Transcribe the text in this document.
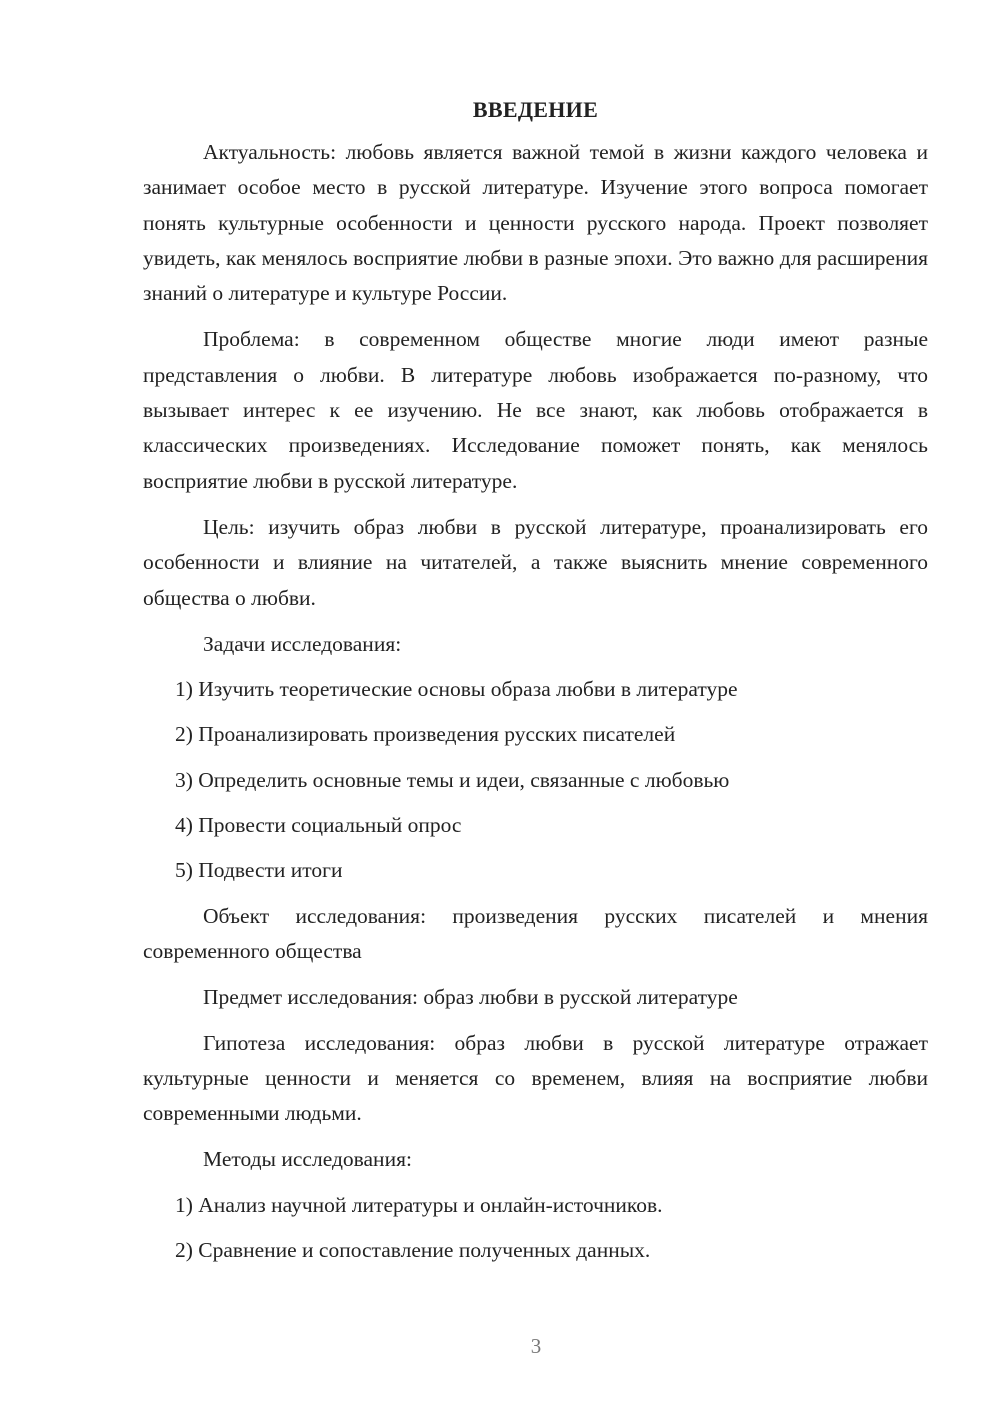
ВВЕДЕНИЕ

Актуальность: любовь является важной темой в жизни каждого человека и занимает особое место в русской литературе. Изучение этого вопроса помогает понять культурные особенности и ценности русского народа. Проект позволяет увидеть, как менялось восприятие любви в разные эпохи. Это важно для расширения знаний о литературе и культуре России.

Проблема: в современном обществе многие люди имеют разные представления о любви. В литературе любовь изображается по-разному, что вызывает интерес к ее изучению. Не все знают, как любовь отображается в классических произведениях. Исследование поможет понять, как менялось восприятие любви в русской литературе.

Цель: изучить образ любви в русской литературе, проанализировать его особенности и влияние на читателей, а также выяснить мнение современного общества о любви.

Задачи исследования:
1) Изучить теоретические основы образа любви в литературе
2) Проанализировать произведения русских писателей
3) Определить основные темы и идеи, связанные с любовью
4) Провести социальный опрос
5) Подвести итоги

Объект исследования: произведения русских писателей и мнения современного общества

Предмет исследования: образ любви в русской литературе

Гипотеза исследования: образ любви в русской литературе отражает культурные ценности и меняется со временем, влияя на восприятие любви современными людьми.

Методы исследования:
1) Анализ научной литературы и онлайн-источников.
2) Сравнение и сопоставление полученных данных.
3
